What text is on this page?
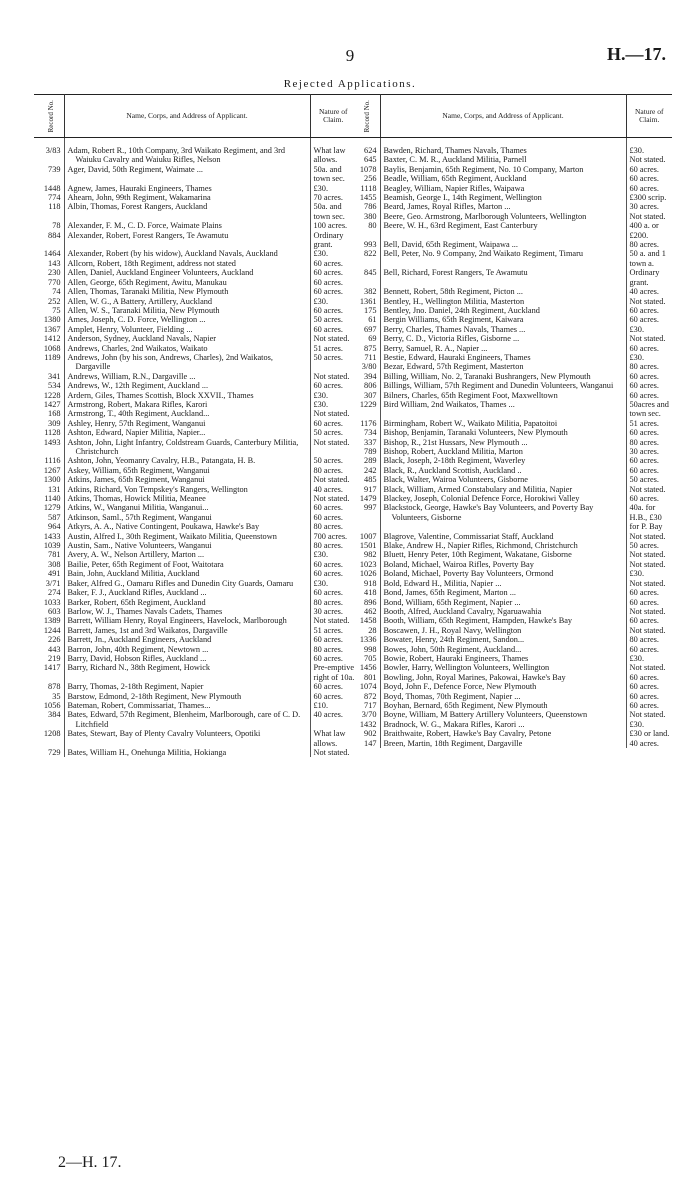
9	H.—17.
Rejected Applications.
Record No.	Name, Corps, and Address of Applicant.	Nature of Claim.

3/83	Adam, Robert R., 10th Company, 3rd Waikato Regiment, and 3rd Waiuku Cavalry and Waiuku Rifles, Nelson	What law allows.
739	Ager, David, 50th Regiment, Waimate ...	50a. and town sec.
1448	Agnew, James, Hauraki Engineers, Thames	£30.
774	Ahearn, John, 99th Regiment, Wakamarina	70 acres.
118	Albin, Thomas, Forest Rangers, Auckland	50a. and town sec.
78	Alexander, F. M., C. D. Force, Waimate Plains	100 acres.
884	Alexander, Robert, Forest Rangers, Te Awamutu	Ordinary grant.
1464	Alexander, Robert (by his widow), Auckland Navals, Auckland	£30.
143	Allcorn, Robert, 18th Regiment, address not stated	60 acres.
230	Allen, Daniel, Auckland Engineer Volunteers, Auckland	60 acres.
770	Allen, George, 65th Regiment, Awitu, Manukau	60 acres.
74	Allen, Thomas, Taranaki Militia, New Plymouth	60 acres.
252	Allen, W. G., A Battery, Artillery, Auckland	£30.
75	Allen, W. S., Taranaki Militia, New Plymouth	60 acres.
1380	Ames, Joseph, C. D. Force, Wellington ...	50 acres.
1367	Amplet, Henry, Volunteer, Fielding ...	60 acres.
1412	Anderson, Sydney, Auckland Navals, Napier	Not stated.
1068	Andrews, Charles, 2nd Waikatos, Waikato	51 acres.
1189	Andrews, John (by his son, Andrews, Charles), 2nd Waikatos, Dargaville	50 acres.
341	Andrews, William, R.N., Dargaville ...	Not stated.
534	Andrews, W., 12th Regiment, Auckland ...	60 acres.
1228	Ardern, Giles, Thames Scottish, Block XXVII., Thames	£30.
1427	Armstrong, Robert, Makara Rifles, Karori	£30.
168	Armstrong, T., 40th Regiment, Auckland...	Not stated.
309	Ashley, Henry, 57th Regiment, Wanganui	60 acres.
1128	Ashton, Edward, Napier Militia, Napier...	50 acres.
1493	Ashton, John, Light Infantry, Coldstream Guards, Canterbury Militia, Christchurch	Not stated.
1116	Ashton, John, Yeomanry Cavalry, H.B., Patangata, H. B.	50 acres.
1267	Askey, William, 65th Regiment, Wanganui	80 acres.
1300	Atkins, James, 65th Regiment, Wanganui	Not stated.
131	Atkins, Richard, Von Tempskey's Rangers, Wellington	40 acres.
1140	Atkins, Thomas, Howick Militia, Meanee	Not stated.
1279	Atkins, W., Wanganui Militia, Wanganui...	60 acres.
587	Atkinson, Saml., 57th Regiment, Wanganui	60 acres.
964	Atkyrs, A. A., Native Contingent, Poukawa, Hawke's Bay	80 acres.
1433	Austin, Alfred I., 30th Regiment, Waikato Militia, Queenstown	700 acres.
1039	Austin, Sam., Native Volunteers, Wanganui	80 acres.
781	Avery, A. W., Nelson Artillery, Marton ...	£30.
308	Bailie, Peter, 65th Regiment of Foot, Waitotara	60 acres.
491	Bain, John, Auckland Militia, Auckland	60 acres.
3/71	Baker, Alfred G., Oamaru Rifles and Dunedin City Guards, Oamaru	£30.
274	Baker, F. J., Auckland Rifles, Auckland ...	60 acres.
1033	Barker, Robert, 65th Regiment, Auckland	80 acres.
603	Barlow, W. J., Thames Navals Cadets, Thames	30 acres.
1389	Barrett, William Henry, Royal Engineers, Havelock, Marlborough	Not stated.
1244	Barrett, James, 1st and 3rd Waikatos, Dargaville	51 acres.
226	Barrett, Jn., Auckland Engineers, Auckland	60 acres.
443	Barron, John, 40th Regiment, Newtown ...	80 acres.
219	Barry, David, Hobson Rifles, Auckland ...	60 acres.
1417	Barry, Richard N., 38th Regiment, Howick	Pre-emptive right of 10a.
878	Barry, Thomas, 2-18th Regiment, Napier	60 acres.
35	Barstow, Edmond, 2-18th Regiment, New Plymouth	60 acres.
1056	Bateman, Robert, Commissariat, Thames...	£10.
384	Bates, Edward, 57th Regiment, Blenheim, Marlborough, care of C. D. Litchfield	40 acres.
1208	Bates, Stewart, Bay of Plenty Cavalry Volunteers, Opotiki	What law allows.
729	Bates, William H., Onehunga Militia, Hokianga	Not stated.
Record No.	Name, Corps, and Address of Applicant.	Nature of Claim.

624	Bawden, Richard, Thames Navals, Thames	£30.
645	Baxter, C. M. R., Auckland Militia, Parnell	Not stated.
1078	Baylis, Benjamin, 65th Regiment, No. 10 Company, Marton	60 acres.
256	Beadle, William, 65th Regiment, Auckland	60 acres.
1118	Beagley, William, Napier Rifles, Waipawa	60 acres.
1455	Beamish, George I., 14th Regiment, Wellington	£300 scrip.
786	Beard, James, Royal Rifles, Marton ...	30 acres.
380	Beere, Geo. Armstrong, Marlborough Volunteers, Wellington	Not stated.
80	Beere, W. H., 63rd Regiment, East Canterbury	400 a. or £200.
993	Bell, David, 65th Regiment, Waipawa ...	80 acres.
822	Bell, Peter, No. 9 Company, 2nd Waikato Regiment, Timaru	50 a. and 1 town a.
845	Bell, Richard, Forest Rangers, Te Awamutu	Ordinary grant.
382	Bennett, Robert, 58th Regiment, Picton ...	40 acres.
1361	Bentley, H., Wellington Militia, Masterton	Not stated.
175	Bentley, Jno. Daniel, 24th Regiment, Auckland	60 acres.
61	Bergin Williams, 65th Regiment, Kaiwara	60 acres.
697	Berry, Charles, Thames Navals, Thames ...	£30.
69	Berry, C. D., Victoria Rifles, Gisborne ...	Not stated.
875	Berry, Samuel, R. A., Napier ...	60 acres.
711	Bestie, Edward, Hauraki Engineers, Thames	£30.
3/80	Bezar, Edward, 57th Regiment, Masterton	80 acres.
394	Billing, William, No. 2, Taranaki Bushrangers, New Plymouth	60 acres.
806	Billings, William, 57th Regiment and Dunedin Volunteers, Wanganui	60 acres.
307	Bilners, Charles, 65th Regiment Foot, Maxwelltown	60 acres.
1229	Bird William, 2nd Waikatos, Thames ...	50acres and town sec.
1176	Birmingham, Robert W., Waikato Militia, Papatoitoi	51 acres.
734	Bishop, Benjamin, Taranaki Volunteers, New Plymouth	60 acres.
337	Bishop, R., 21st Hussars, New Plymouth ...	80 acres.
789	Bishop, Robert, Auckland Militia, Marton	30 acres.
289	Black, Joseph, 2-18th Regiment, Waverley	60 acres.
242	Black, R., Auckland Scottish, Auckland ..	60 acres.
485	Black, Walter, Wairoa Volunteers, Gisborne	50 acres.
917	Black, William, Armed Constabulary and Militia, Napier	Not stated.
1479	Blackey, Joseph, Colonial Defence Force, Horokiwi Valley	60 acres.
997	Blackstock, George, Hawke's Bay Volunteers, and Poverty Bay Volunteers, Gisborne	40a. for H.B., £30 for P. Bay
1007	Blagrove, Valentine, Commissariat Staff, Auckland	Not stated.
1501	Blake, Andrew H., Napier Rifles, Richmond, Christchurch	50 acres.
982	Bluett, Henry Peter, 10th Regiment, Wakatane, Gisborne	Not stated.
1023	Boland, Michael, Wairoa Rifles, Poverty Bay	Not stated.
1026	Boland, Michael, Poverty Bay Volunteers, Ormond	£30.
918	Bold, Edward H., Militia, Napier ...	Not stated.
418	Bond, James, 65th Regiment, Marton ...	60 acres.
896	Bond, William, 65th Regiment, Napier ...	60 acres.
462	Booth, Alfred, Auckland Cavalry, Ngaruawahia	Not stated.
1458	Booth, William, 65th Regiment, Hampden, Hawke's Bay	60 acres.
28	Boscawen, J. H., Royal Navy, Wellington	Not stated.
1336	Bowater, Henry, 24th Regiment, Sandon...	80 acres.
998	Bowes, John, 50th Regiment, Auckland...	60 acres.
705	Bowie, Robert, Hauraki Engineers, Thames	£30.
1456	Bowler, Harry, Wellington Volunteers, Wellington	Not stated.
801	Bowling, John, Royal Marines, Pakowai, Hawke's Bay	60 acres.
1074	Boyd, John F., Defence Force, New Plymouth	60 acres.
872	Boyd, Thomas, 70th Regiment, Napier ...	60 acres.
717	Boyhan, Bernard, 65th Regiment, New Plymouth	60 acres.
3/70	Boyne, William, M Battery Artillery Volunteers, Queenstown	Not stated.
1432	Bradnock, W. G., Makara Rifles, Karori ...	£30.
902	Braithwaite, Robert, Hawke's Bay Cavalry, Petone	£30 or land.
147	Breen, Martin, 18th Regiment, Dargaville	40 acres.
2—H. 17.
